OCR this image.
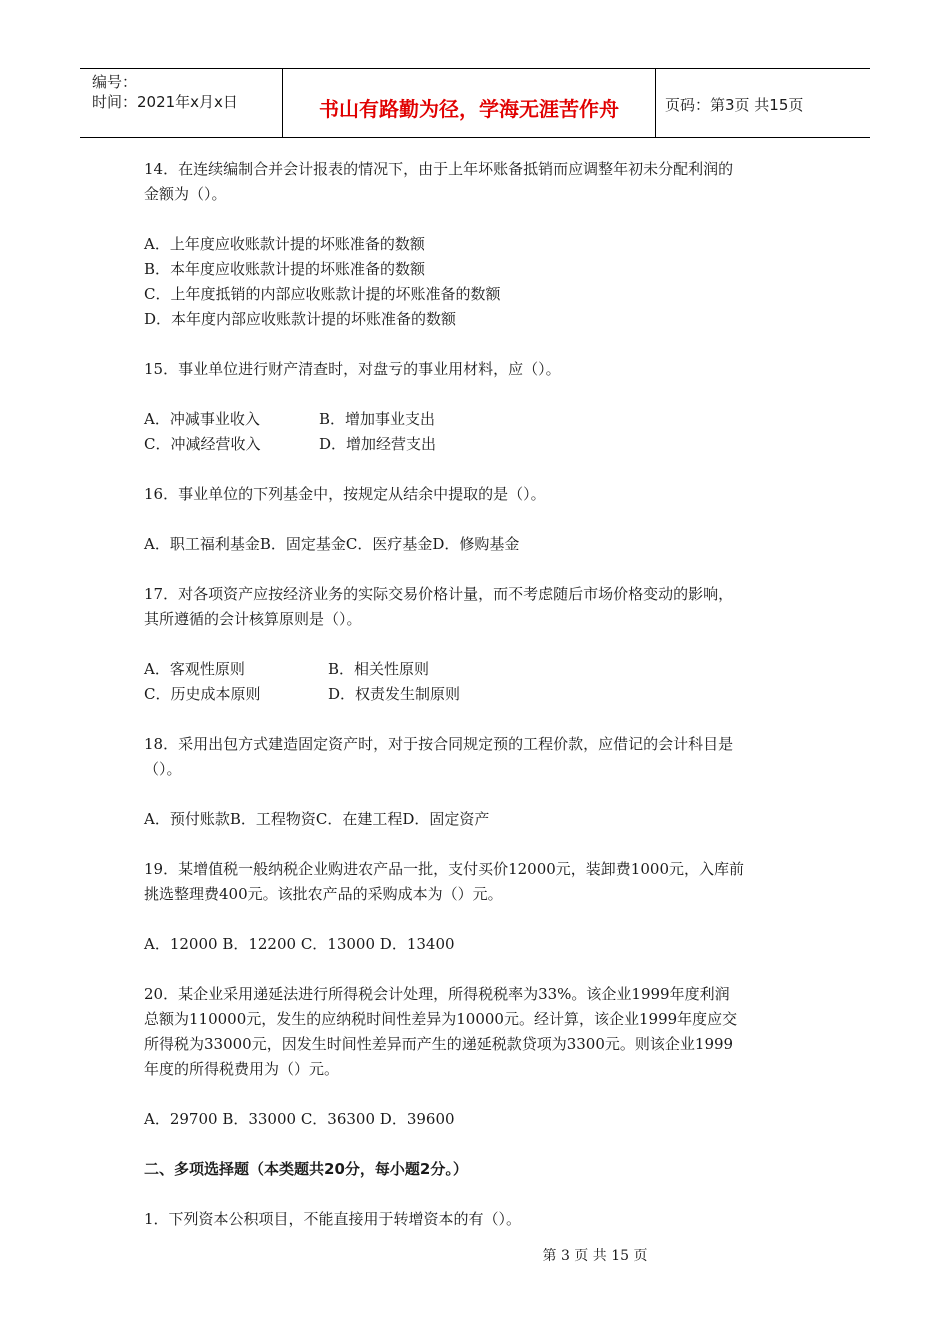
编号：
时间：2021年x月x日	书山有路勤为径，学海无涯苦作舟	页码：第3页 共15页

14．在连续编制合并会计报表的情况下，由于上年坏账备抵销而应调整年初未分配利润的

金额为（）。

A．上年度应收账款计提的坏账准备的数额

B．本年度应收账款计提的坏账准备的数额

C．上年度抵销的内部应收账款计提的坏账准备的数额

D．本年度内部应收账款计提的坏账准备的数额

15．事业单位进行财产清查时，对盘亏的事业用材料，应（）。

A．冲减事业收入	B．增加事业支出
C．冲减经营收入	D．增加经营支出

16．事业单位的下列基金中，按规定从结余中提取的是（）。

A．职工福利基金B．固定基金C．医疗基金D．修购基金

17．对各项资产应按经济业务的实际交易价格计量，而不考虑随后市场价格变动的影响，

其所遵循的会计核算原则是（）。

A．客观性原则	B．相关性原则
C．历史成本原则	D．权责发生制原则

18．采用出包方式建造固定资产时，对于按合同规定预的工程价款，应借记的会计科目是

（）。

A．预付账款B．工程物资C．在建工程D．固定资产

19．某增值税一般纳税企业购进农产品一批，支付买价12000元，装卸费1000元，入库前

挑选整理费400元。该批农产品的采购成本为（）元。

A．12000 B．12200 C．13000 D．13400

20．某企业采用递延法进行所得税会计处理，所得税税率为33%。该企业1999年度利润

总额为110000元，发生的应纳税时间性差异为10000元。经计算，该企业1999年度应交

所得税为33000元，因发生时间性差异而产生的递延税款贷项为3300元。则该企业1999

年度的所得税费用为（）元。

A．29700 B．33000 C．36300 D．39600

二、多项选择题（本类题共20分，每小题2分。）

1．下列资本公积项目，不能直接用于转增资本的有（）。

第 3 页 共 15 页
